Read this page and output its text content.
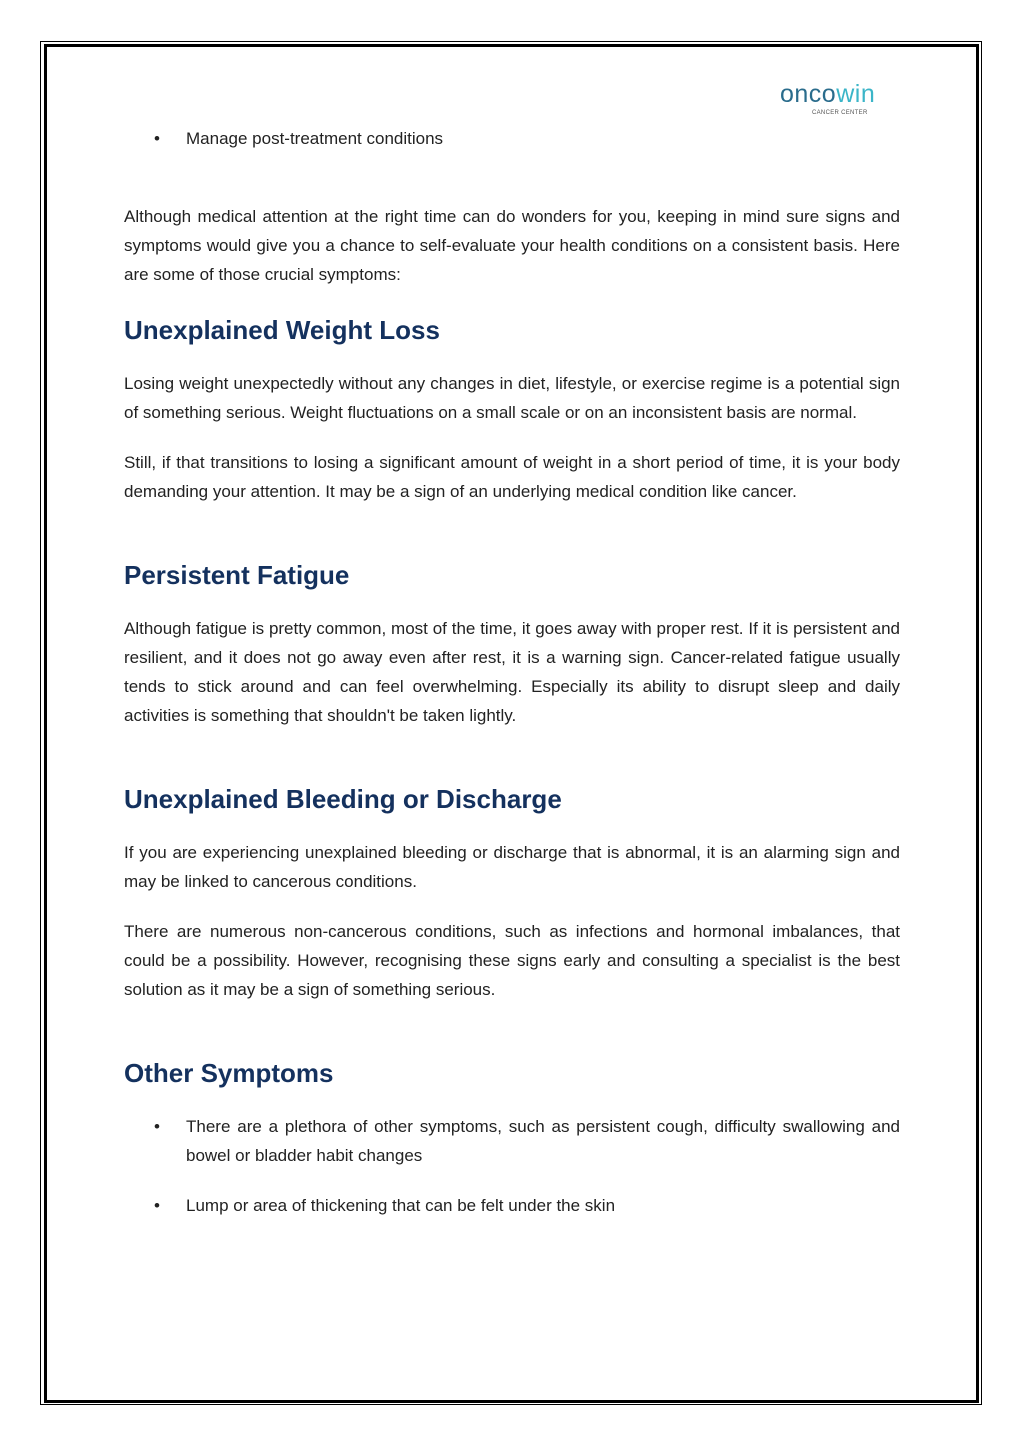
oncowin
CANCER CENTER
• Manage post-treatment conditions

Although medical attention at the right time can do wonders for you, keeping in mind sure signs and symptoms would give you a chance to self-evaluate your health conditions on a consistent basis. Here are some of those crucial symptoms:

Unexplained Weight Loss

Losing weight unexpectedly without any changes in diet, lifestyle, or exercise regime is a potential sign of something serious. Weight fluctuations on a small scale or on an inconsistent basis are normal.

Still, if that transitions to losing a significant amount of weight in a short period of time, it is your body demanding your attention. It may be a sign of an underlying medical condition like cancer.

Persistent Fatigue

Although fatigue is pretty common, most of the time, it goes away with proper rest. If it is persistent and resilient, and it does not go away even after rest, it is a warning sign. Cancer-related fatigue usually tends to stick around and can feel overwhelming. Especially its ability to disrupt sleep and daily activities is something that shouldn't be taken lightly.

Unexplained Bleeding or Discharge

If you are experiencing unexplained bleeding or discharge that is abnormal, it is an alarming sign and may be linked to cancerous conditions.

There are numerous non-cancerous conditions, such as infections and hormonal imbalances, that could be a possibility. However, recognising these signs early and consulting a specialist is the best solution as it may be a sign of something serious.

Other Symptoms
• There are a plethora of other symptoms, such as persistent cough, difficulty swallowing and bowel or bladder habit changes
• Lump or area of thickening that can be felt under the skin
